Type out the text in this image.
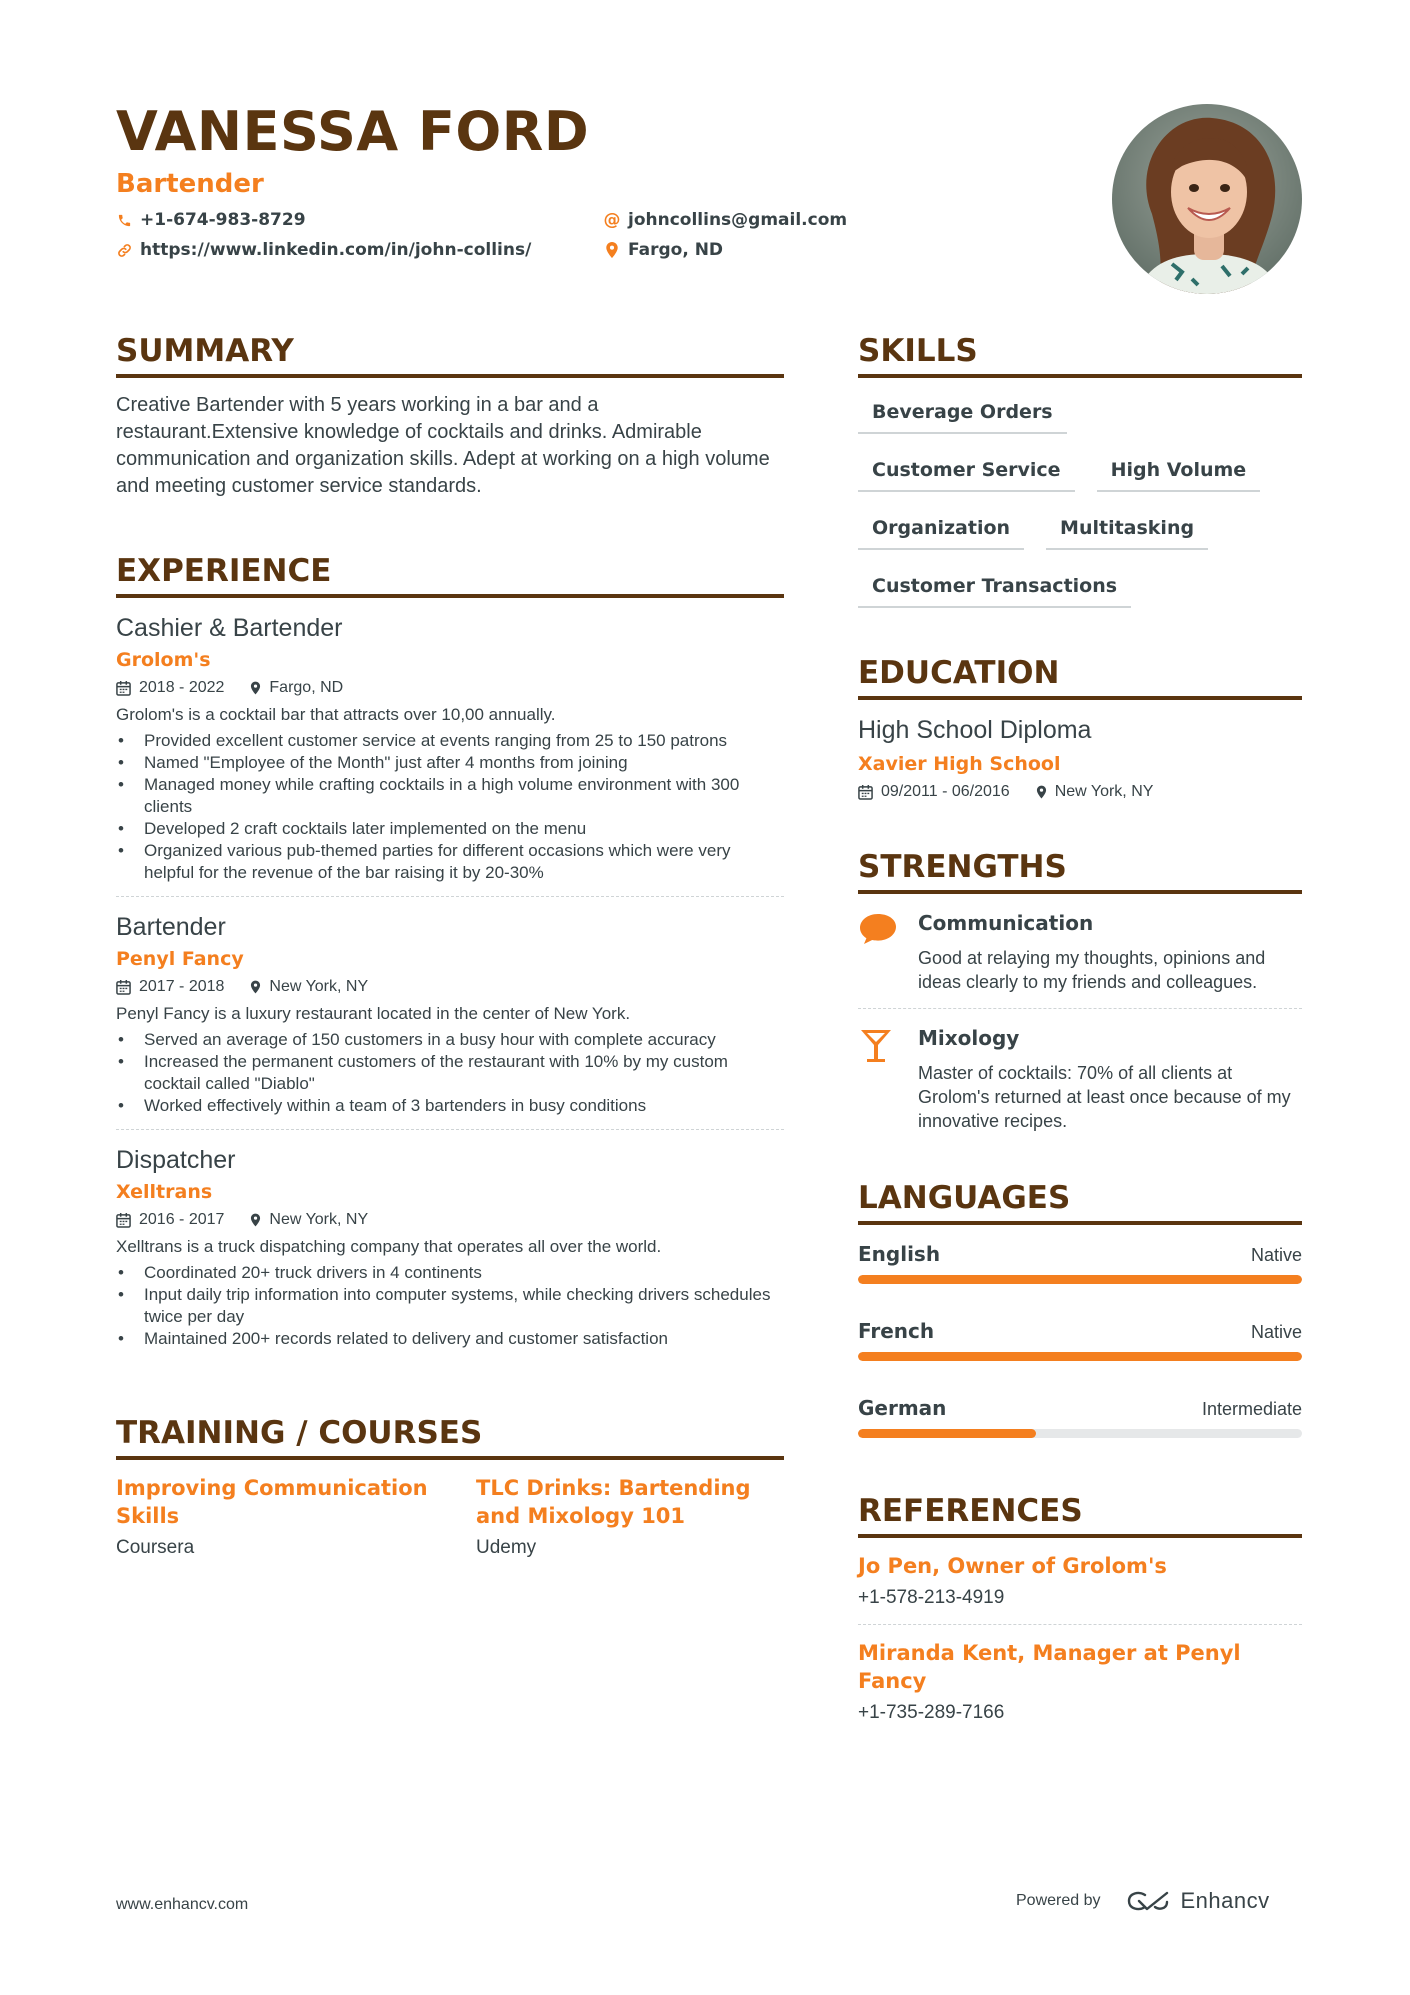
VANESSA FORD
Bartender
+1-674-983-8729	@ johncollins@gmail.com
https://www.linkedin.com/in/john-collins/	Fargo, ND
SUMMARY
Creative Bartender with 5 years working in a bar and a restaurant.Extensive knowledge of cocktails and drinks. Admirable communication and organization skills. Adept at working on a high volume and meeting customer service standards.
EXPERIENCE
Cashier & Bartender
Grolom's
2018 - 2022	Fargo, ND
Grolom's is a cocktail bar that attracts over 10,00 annually.
• Provided excellent customer service at events ranging from 25 to 150 patrons
• Named "Employee of the Month" just after 4 months from joining
• Managed money while crafting cocktails in a high volume environment with 300 clients
• Developed 2 craft cocktails later implemented on the menu
• Organized various pub-themed parties for different occasions which were very helpful for the revenue of the bar raising it by 20-30%
Bartender
Penyl Fancy
2017 - 2018	New York, NY
Penyl Fancy is a luxury restaurant located in the center of New York.
• Served an average of 150 customers in a busy hour with complete accuracy
• Increased the permanent customers of the restaurant with 10% by my custom cocktail called "Diablo"
• Worked effectively within a team of 3 bartenders in busy conditions
Dispatcher
Xelltrans
2016 - 2017	New York, NY
Xelltrans is a truck dispatching company that operates all over the world.
• Coordinated 20+ truck drivers in 4 continents
• Input daily trip information into computer systems, while checking drivers schedules twice per day
• Maintained 200+ records related to delivery and customer satisfaction
TRAINING / COURSES
Improving Communication Skills
Coursera
TLC Drinks: Bartending and Mixology 101
Udemy
SKILLS
Beverage Orders
Customer Service	High Volume
Organization	Multitasking
Customer Transactions
EDUCATION
High School Diploma
Xavier High School
09/2011 - 06/2016	New York, NY
STRENGTHS
Communication
Good at relaying my thoughts, opinions and ideas clearly to my friends and colleagues.
Mixology
Master of cocktails: 70% of all clients at Grolom's returned at least once because of my innovative recipes.
LANGUAGES
English	Native
French	Native
German	Intermediate
REFERENCES
Jo Pen, Owner of Grolom's
+1-578-213-4919
Miranda Kent, Manager at Penyl Fancy
+1-735-289-7166
www.enhancv.com	Powered by	Enhancv
